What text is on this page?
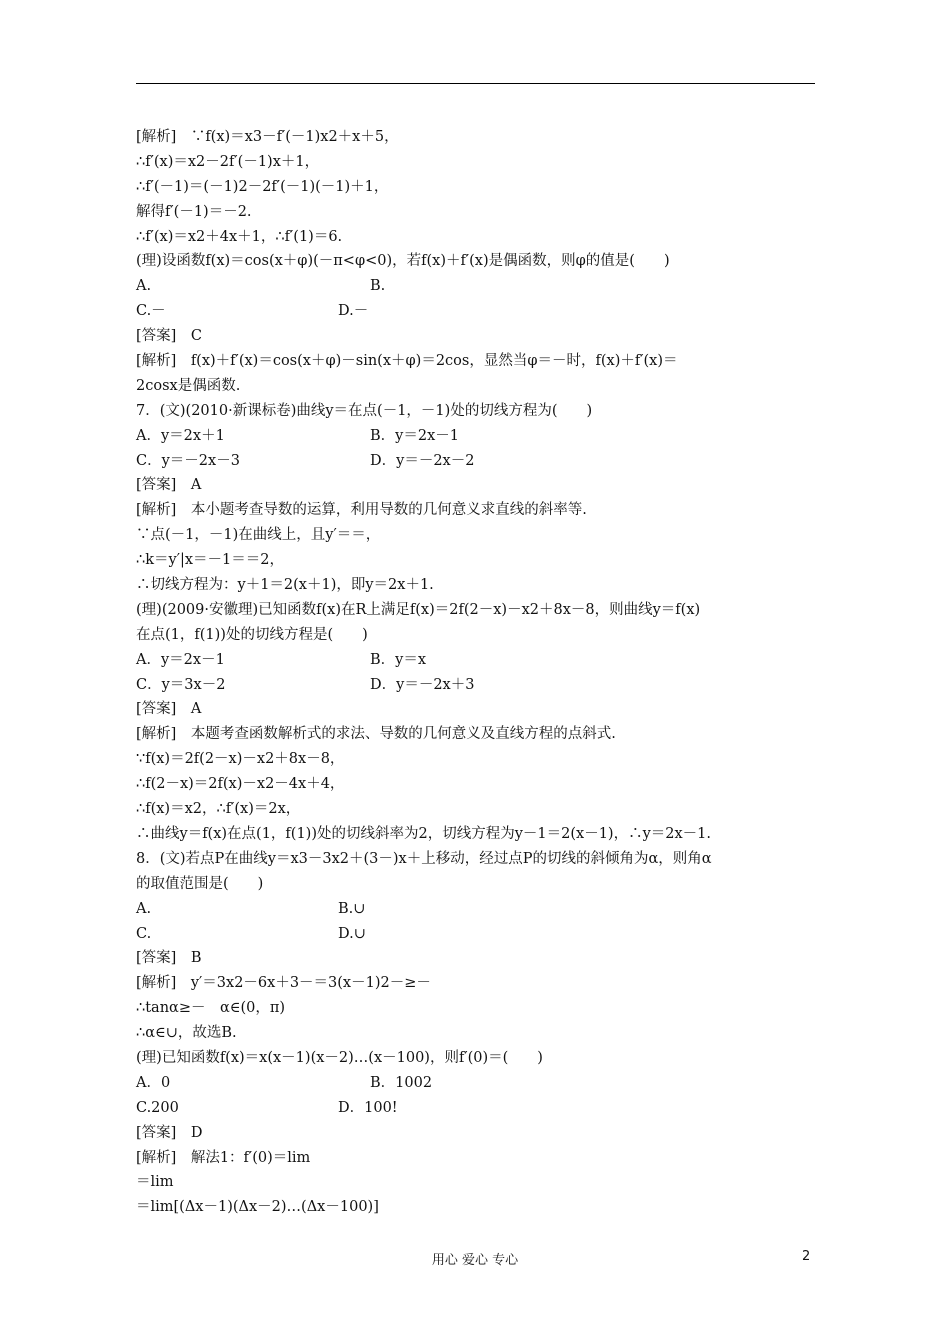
[解析]　∵f(x)＝x3－f′(－1)x2＋x＋5，
∴f′(x)＝x2－2f′(－1)x＋1，
∴f′(－1)＝(－1)2－2f′(－1)(－1)＋1，
解得f′(－1)＝－2.
∴f′(x)＝x2＋4x＋1，∴f′(1)＝6.
(理)设函数f(x)＝cos(x＋φ)(－π<φ<0)，若f(x)＋f′(x)是偶函数，则φ的值是(　　)
A.	B.
C.－	D.－
[答案]　C
[解析]　f(x)＋f′(x)＝cos(x＋φ)－sin(x＋φ)＝2cos，显然当φ＝－时，f(x)＋f′(x)＝
2cosx是偶函数.
7．(文)(2010·新课标卷)曲线y＝在点(－1，－1)处的切线方程为(　　)
A．y＝2x＋1	B．y＝2x－1
C．y＝－2x－3	D．y＝－2x－2
[答案]　A
[解析]　本小题考查导数的运算，利用导数的几何意义求直线的斜率等.
∵点(－1，－1)在曲线上，且y′＝＝，
∴k＝y′|x＝－1＝＝2，
∴切线方程为：y＋1＝2(x＋1)，即y＝2x＋1.
(理)(2009·安徽理)已知函数f(x)在R上满足f(x)＝2f(2－x)－x2＋8x－8，则曲线y＝f(x)
在点(1，f(1))处的切线方程是(　　)
A．y＝2x－1	B．y＝x
C．y＝3x－2	D．y＝－2x＋3
[答案]　A
[解析]　本题考查函数解析式的求法、导数的几何意义及直线方程的点斜式.
∵f(x)＝2f(2－x)－x2＋8x－8，
∴f(2－x)＝2f(x)－x2－4x＋4，
∴f(x)＝x2，∴f′(x)＝2x，
∴曲线y＝f(x)在点(1，f(1))处的切线斜率为2，切线方程为y－1＝2(x－1)，∴y＝2x－1.
8．(文)若点P在曲线y＝x3－3x2＋(3－)x＋上移动，经过点P的切线的斜倾角为α，则角α
的取值范围是(　　)
A.	B.∪
C.	D.∪
[答案]　B
[解析]　y′＝3x2－6x＋3－＝3(x－1)2－≥－
∴tanα≥－　α∈(0，π)
∴α∈∪，故选B.
(理)已知函数f(x)＝x(x－1)(x－2)…(x－100)，则f′(0)＝(　　)
A．0	B．1002
C.200	D．100!
[答案]　D
[解析]　解法1：f′(0)＝lim
＝lim
＝lim[(Δx－1)(Δx－2)…(Δx－100)]
用心 爱心 专心	2
